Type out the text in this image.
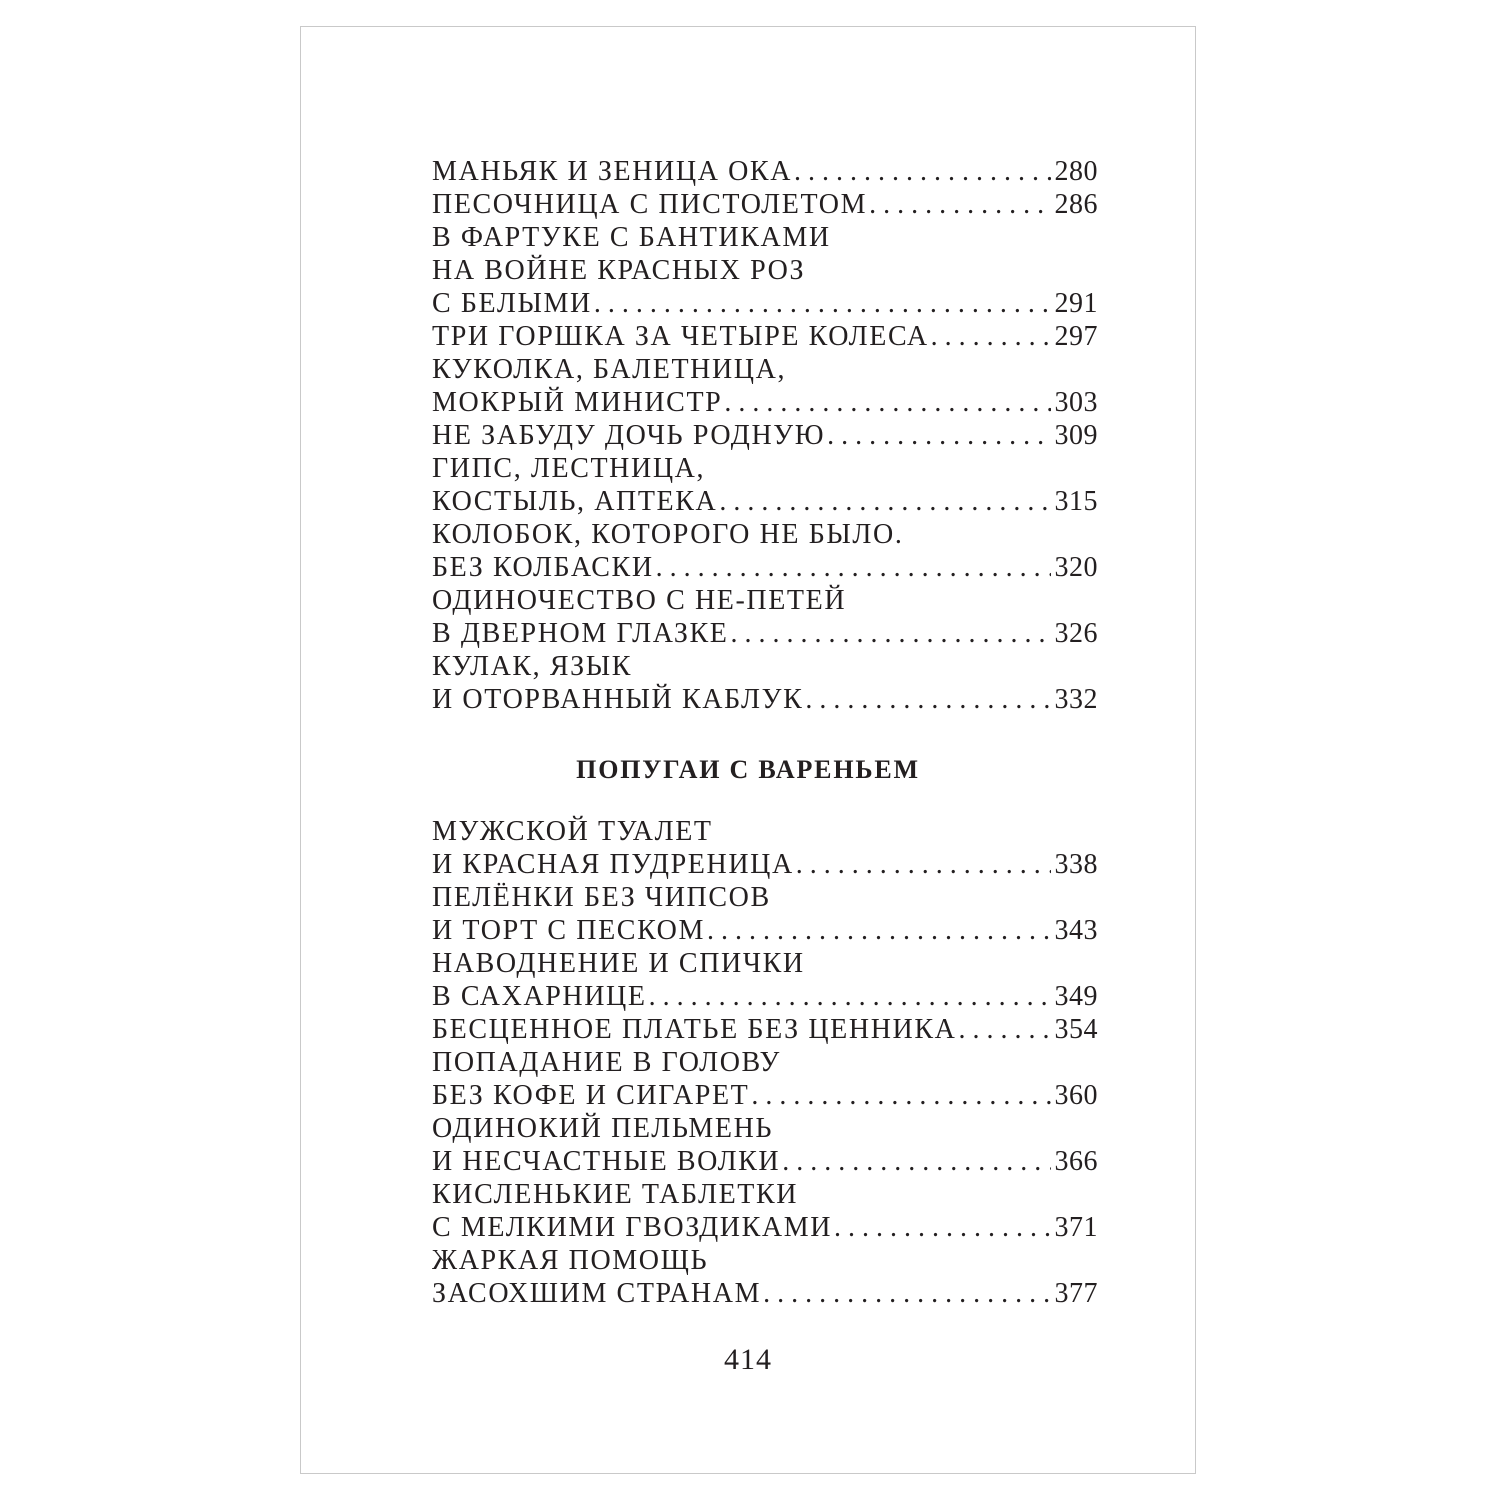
МАНЬЯК И ЗЕНИЦА ОКА . . .	280
ПЕСОЧНИЦА С ПИСТОЛЕТОМ . . .	286
В ФАРТУКЕ С БАНТИКАМИ
НА ВОЙНЕ КРАСНЫХ РОЗ
С БЕЛЫМИ . . .	291
ТРИ ГОРШКА ЗА ЧЕТЫРЕ КОЛЕСА . . .	297
КУКОЛКА, БАЛЕТНИЦА,
МОКРЫЙ МИНИСТР . . .	303
НЕ ЗАБУДУ ДОЧЬ РОДНУЮ . . .	309
ГИПС, ЛЕСТНИЦА,
КОСТЫЛЬ, АПТЕКА . . .	315
КОЛОБОК, КОТОРОГО НЕ БЫЛО.
БЕЗ КОЛБАСКИ . . .	320
ОДИНОЧЕСТВО С НЕ-ПЕТЕЙ
В ДВЕРНОМ ГЛАЗКЕ . . .	326
КУЛАК, ЯЗЫК
И ОТОРВАННЫЙ КАБЛУК . . .	332
ПОПУГАИ С ВАРЕНЬЕМ
МУЖСКОЙ ТУАЛЕТ
И КРАСНАЯ ПУДРЕНИЦА . . .	338
ПЕЛЁНКИ БЕЗ ЧИПСОВ
И ТОРТ С ПЕСКОМ . . .	343
НАВОДНЕНИЕ И СПИЧКИ
В САХАРНИЦЕ . . .	349
БЕСЦЕННОЕ ПЛАТЬЕ БЕЗ ЦЕННИКА . . .	354
ПОПАДАНИЕ В ГОЛОВУ
БЕЗ КОФЕ И СИГАРЕТ . . .	360
ОДИНОКИЙ ПЕЛЬМЕНЬ
И НЕСЧАСТНЫЕ ВОЛКИ . . .	366
КИСЛЕНЬКИЕ ТАБЛЕТКИ
С МЕЛКИМИ ГВОЗДИКАМИ . . .	371
ЖАРКАЯ ПОМОЩЬ
ЗАСОХШИМ СТРАНАМ . . .	377
414
